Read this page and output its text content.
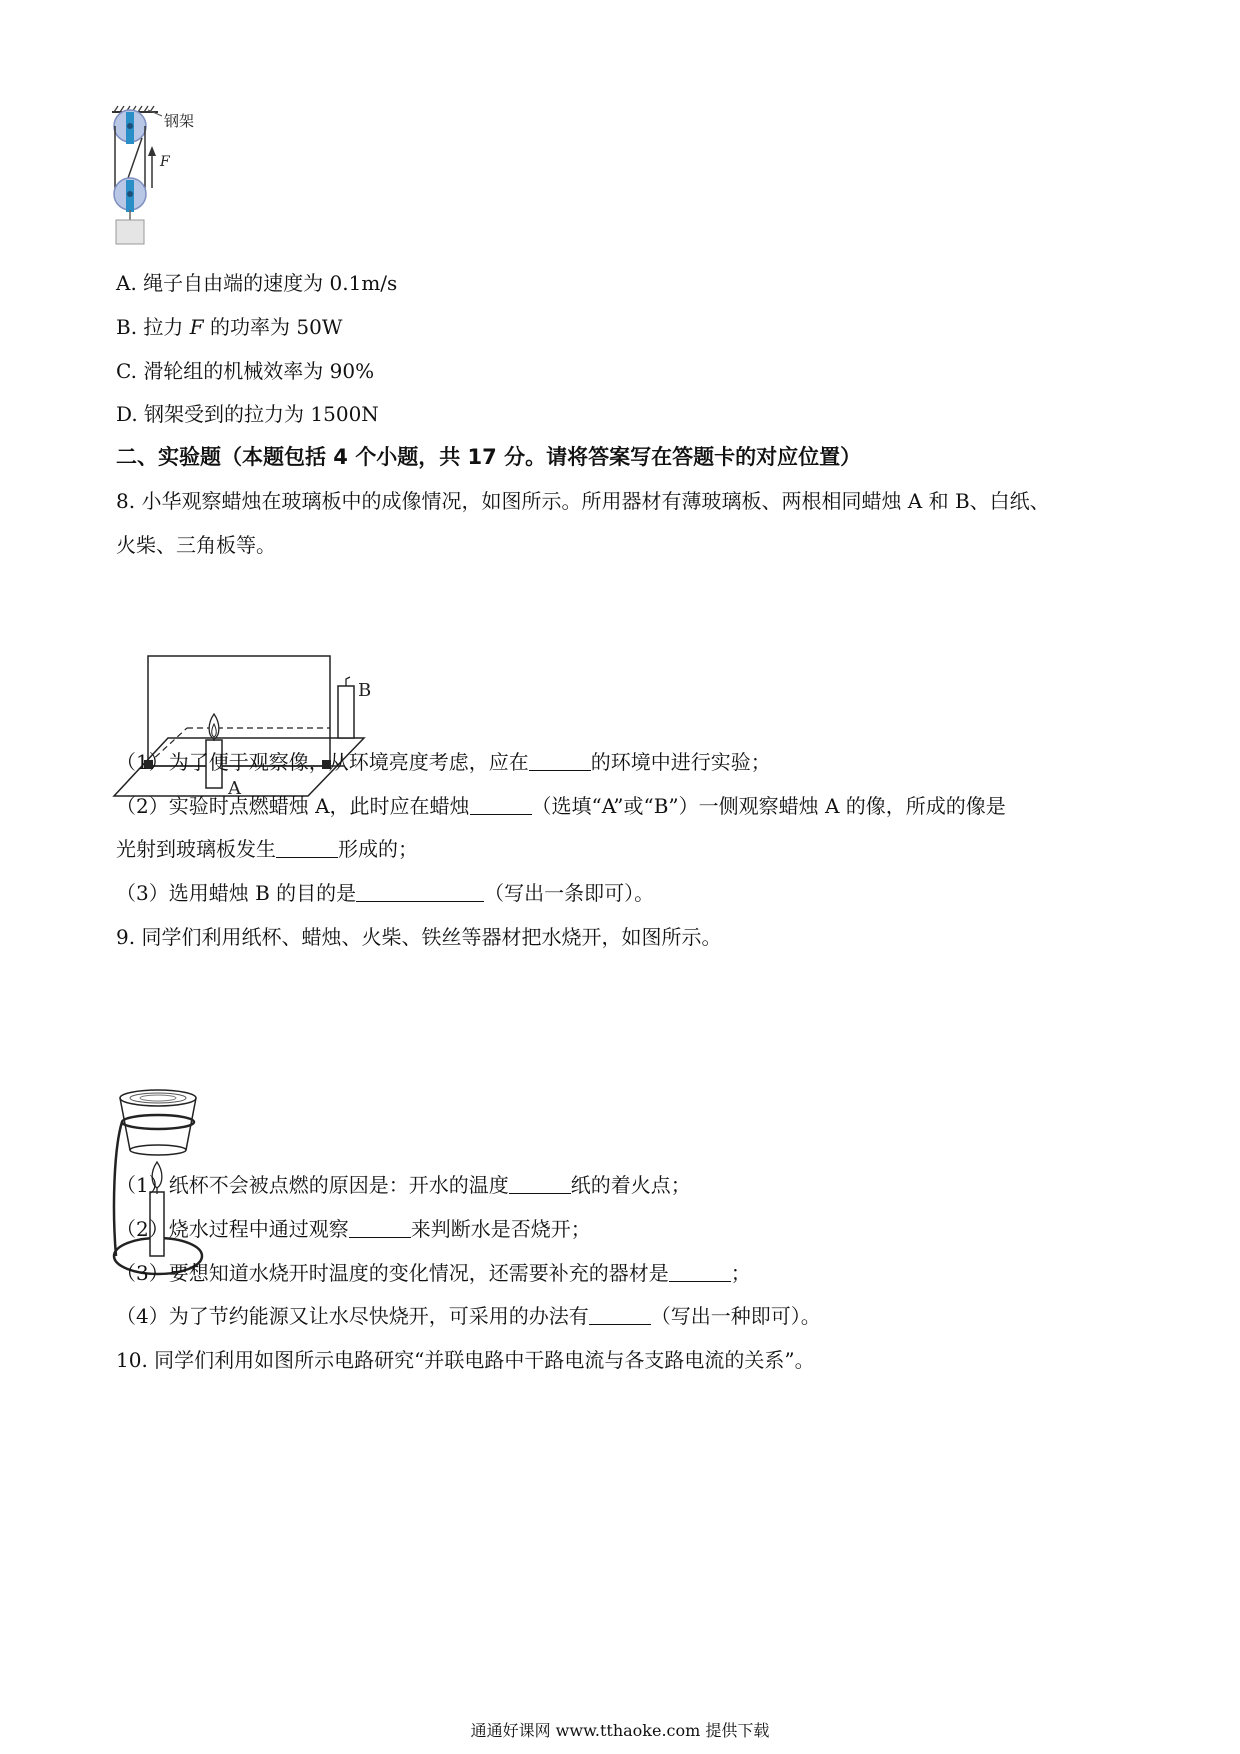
钢架
F
A. 绳子自由端的速度为 0.1m/s
B. 拉力 F 的功率为 50W
C. 滑轮组的机械效率为 90%
D. 钢架受到的拉力为 1500N
二、实验题（本题包括 4 个小题，共 17 分。请将答案写在答题卡的对应位置）
8. 小华观察蜡烛在玻璃板中的成像情况，如图所示。所用器材有薄玻璃板、两根相同蜡烛 A 和 B、白纸、
火柴、三角板等。
A
B
（1）为了便于观察像，从环境亮度考虑，应在	的环境中进行实验；
（2）实验时点燃蜡烛 A，此时应在蜡烛	（选填“A”或“B”）一侧观察蜡烛 A 的像，所成的像是
光射到玻璃板发生	形成的；
（3）选用蜡烛 B 的目的是	（写出一条即可）。
9. 同学们利用纸杯、蜡烛、火柴、铁丝等器材把水烧开，如图所示。
（1）纸杯不会被点燃的原因是：开水的温度	纸的着火点；
（2）烧水过程中通过观察	来判断水是否烧开；
（3）要想知道水烧开时温度的变化情况，还需要补充的器材是	；
（4）为了节约能源又让水尽快烧开，可采用的办法有	（写出一种即可）。
10. 同学们利用如图所示电路研究“并联电路中干路电流与各支路电流的关系”。
通通好课网 www.tthaoke.com 提供下载
